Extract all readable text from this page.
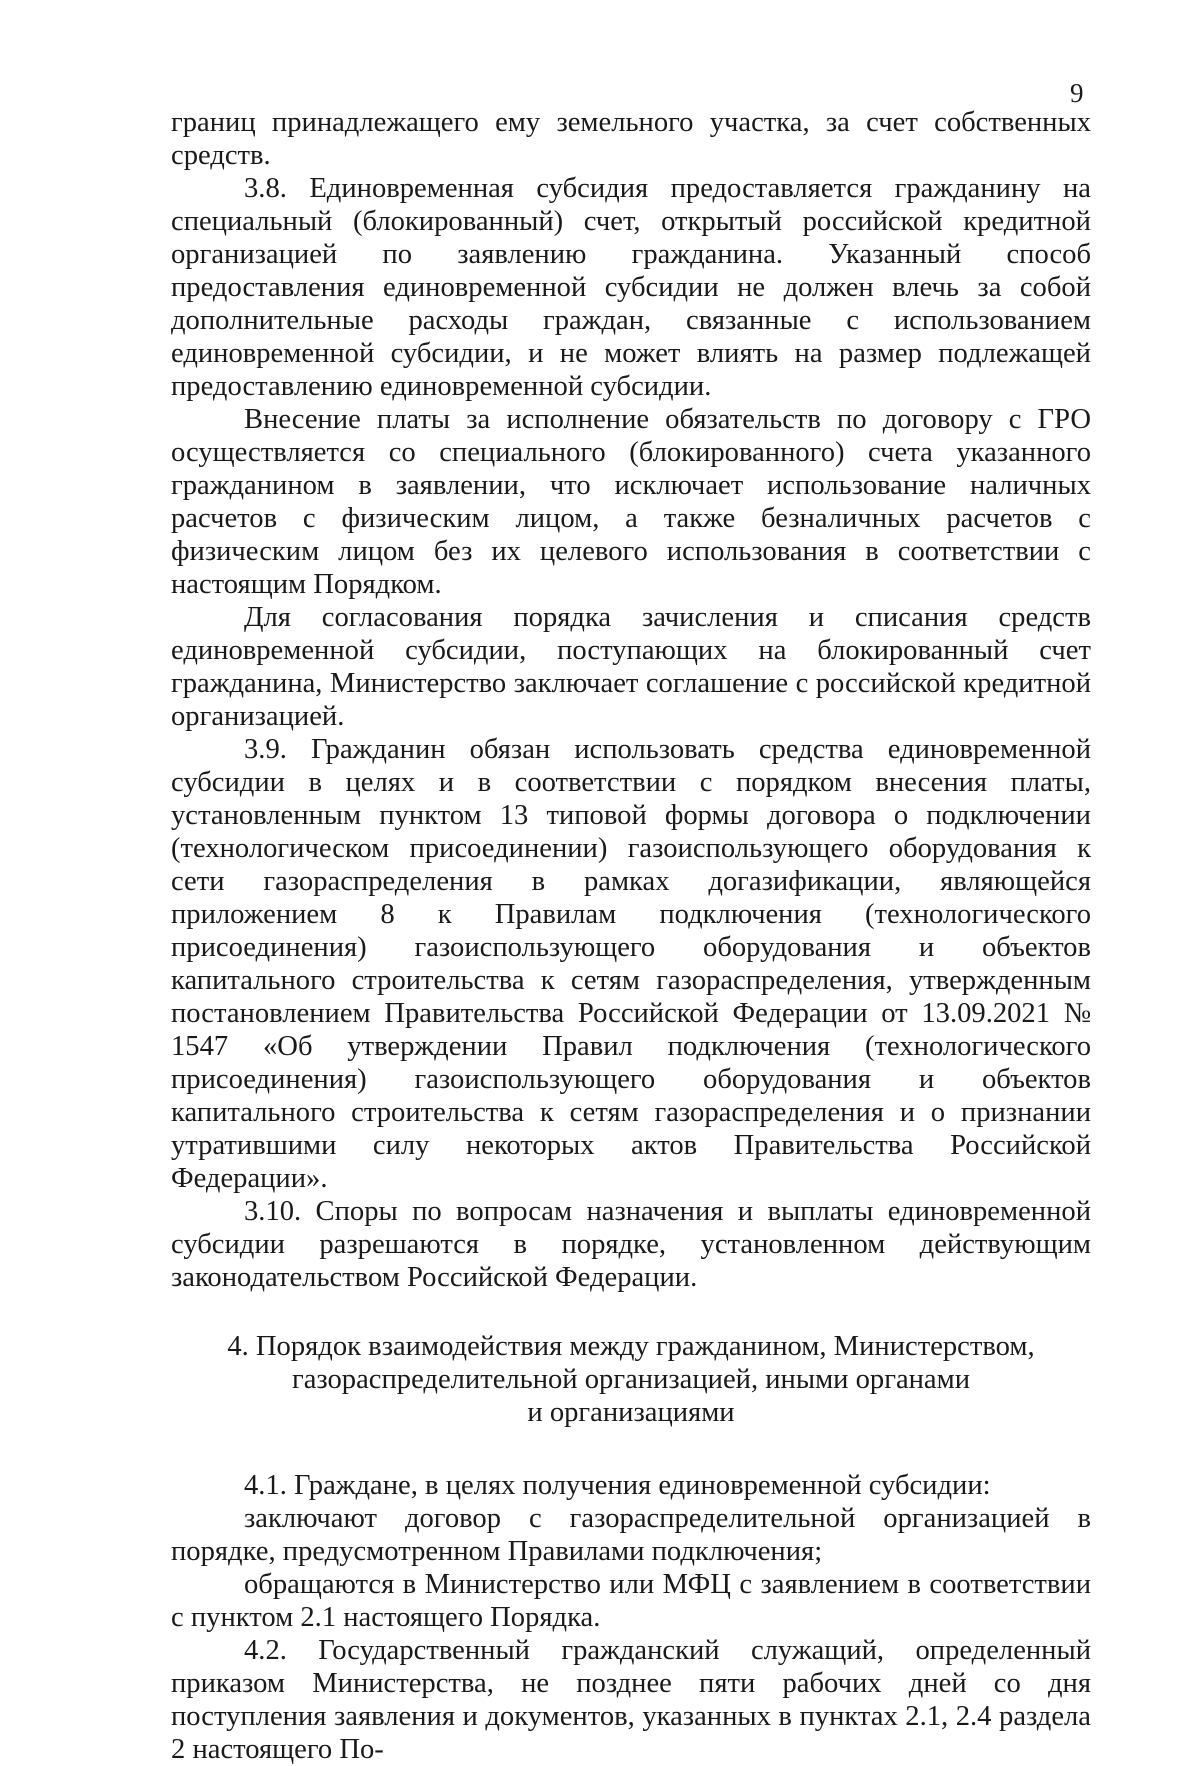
9

границ принадлежащего ему земельного участка, за счет собственных средств.

3.8. Единовременная субсидия предоставляется гражданину на специальный (блокированный) счет, открытый российской кредитной организацией по заявлению гражданина. Указанный способ предоставления единовременной субсидии не должен влечь за собой дополнительные расходы граждан, связанные с использованием единовременной субсидии, и не может влиять на размер подлежащей предоставлению единовременной субсидии.

Внесение платы за исполнение обязательств по договору с ГРО осуществляется со специального (блокированного) счета указанного гражданином в заявлении, что исключает использование наличных расчетов с физическим лицом, а также безналичных расчетов с физическим лицом без их целевого использования в соответствии с настоящим Порядком.

Для согласования порядка зачисления и списания средств единовременной субсидии, поступающих на блокированный счет гражданина, Министерство заключает соглашение с российской кредитной организацией.

3.9. Гражданин обязан использовать средства единовременной субсидии в целях и в соответствии с порядком внесения платы, установленным пунктом 13 типовой формы договора о подключении (технологическом присоединении) газоиспользующего оборудования к сети газораспределения в рамках догазификации, являющейся приложением 8 к Правилам подключения (технологического присоединения) газоиспользующего оборудования и объектов капитального строительства к сетям газораспределения, утвержденным постановлением Правительства Российской Федерации от 13.09.2021 № 1547 «Об утверждении Правил подключения (технологического присоединения) газоиспользующего оборудования и объектов капитального строительства к сетям газораспределения и о признании утратившими силу некоторых актов Правительства Российской Федерации».

3.10. Споры по вопросам назначения и выплаты единовременной субсидии разрешаются в порядке, установленном действующим законодательством Российской Федерации.

4. Порядок взаимодействия между гражданином, Министерством,
газораспределительной организацией, иными органами
и организациями

4.1. Граждане, в целях получения единовременной субсидии:

заключают договор с газораспределительной организацией в порядке, предусмотренном Правилами подключения;

обращаются в Министерство или МФЦ с заявлением в соответствии с пунктом 2.1 настоящего Порядка.

4.2. Государственный гражданский служащий, определенный приказом Министерства, не позднее пяти рабочих дней со дня поступления заявления и документов, указанных в пунктах 2.1, 2.4 раздела 2 настоящего По-
